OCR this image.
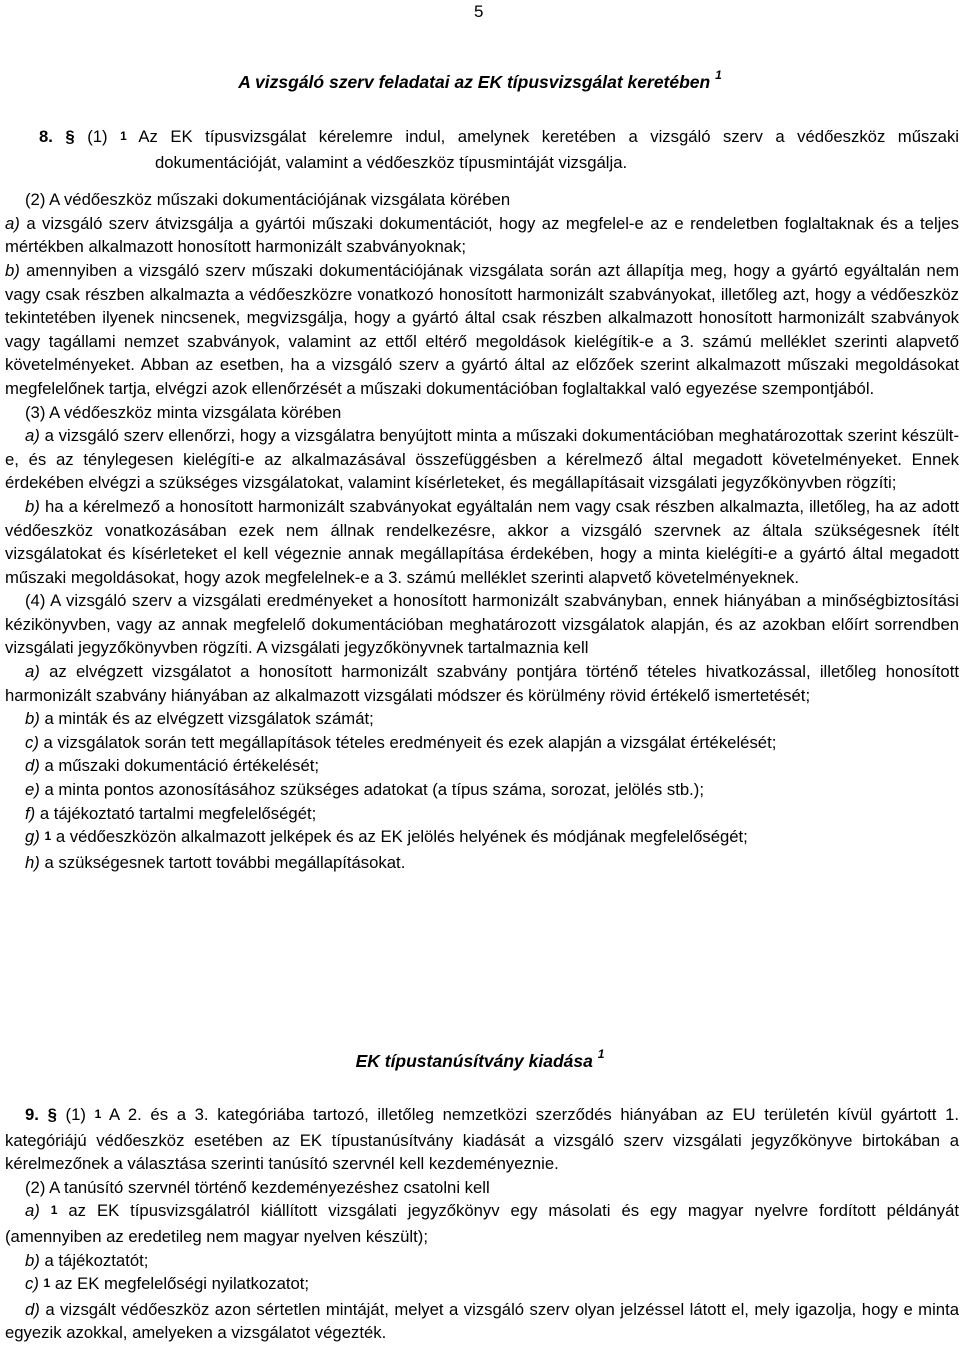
5
A vizsgáló szerv feladatai az EK típusvizsgálat keretében $^1$

8. § (1) $^1$ Az EK típusvizsgálat kérelemre indul, amelynek keretében a vizsgáló szerv a védőeszköz műszaki dokumentációját, valamint a védőeszköz típusmintáját vizsgálja.

(2) A védőeszköz műszaki dokumentációjának vizsgálata körében

a) a vizsgáló szerv átvizsgálja a gyártói műszaki dokumentációt, hogy az megfelel-e az e rendeletben foglaltaknak és a teljes mértékben alkalmazott honosított harmonizált szabványoknak;

b) amennyiben a vizsgáló szerv műszaki dokumentációjának vizsgálata során azt állapítja meg, hogy a gyártó egyáltalán nem vagy csak részben alkalmazta a védőeszközre vonatkozó honosított harmonizált szabványokat, illetőleg azt, hogy a védőeszköz tekintetében ilyenek nincsenek, megvizsgálja, hogy a gyártó által csak részben alkalmazott honosított harmonizált szabványok vagy tagállami nemzet szabványok, valamint az ettől eltérő megoldások kielégítik-e a 3. számú melléklet szerinti alapvető követelményeket. Abban az esetben, ha a vizsgáló szerv a gyártó által az előzőek szerint alkalmazott műszaki megoldásokat megfelelőnek tartja, elvégzi azok ellenőrzését a műszaki dokumentációban foglaltakkal való egyezése szempontjából.

(3) A védőeszköz minta vizsgálata körében

a) a vizsgáló szerv ellenőrzi, hogy a vizsgálatra benyújtott minta a műszaki dokumentációban meghatározottak szerint készült-e, és az ténylegesen kielégíti-e az alkalmazásával összefüggésben a kérelmező által megadott követelményeket. Ennek érdekében elvégzi a szükséges vizsgálatokat, valamint kísérleteket, és megállapításait vizsgálati jegyzőkönyvben rögzíti;

b) ha a kérelmező a honosított harmonizált szabványokat egyáltalán nem vagy csak részben alkalmazta, illetőleg, ha az adott védőeszköz vonatkozásában ezek nem állnak rendelkezésre, akkor a vizsgáló szervnek az általa szükségesnek ítélt vizsgálatokat és kísérleteket el kell végeznie annak megállapítása érdekében, hogy a minta kielégíti-e a gyártó által megadott műszaki megoldásokat, hogy azok megfelelnek-e a 3. számú melléklet szerinti alapvető követelményeknek.

(4) A vizsgáló szerv a vizsgálati eredményeket a honosított harmonizált szabványban, ennek hiányában a minőségbiztosítási kézikönyvben, vagy az annak megfelelő dokumentációban meghatározott vizsgálatok alapján, és az azokban előírt sorrendben vizsgálati jegyzőkönyvben rögzíti. A vizsgálati jegyzőkönyvnek tartalmaznia kell

a) az elvégzett vizsgálatot a honosított harmonizált szabvány pontjára történő tételes hivatkozással, illetőleg honosított harmonizált szabvány hiányában az alkalmazott vizsgálati módszer és körülmény rövid értékelő ismertetését;

b) a minták és az elvégzett vizsgálatok számát;

c) a vizsgálatok során tett megállapítások tételes eredményeit és ezek alapján a vizsgálat értékelését;

d) a műszaki dokumentáció értékelését;

e) a minta pontos azonosításához szükséges adatokat (a típus száma, sorozat, jelölés stb.);

f) a tájékoztató tartalmi megfelelőségét;

g) $^1$ a védőeszközön alkalmazott jelképek és az EK jelölés helyének és módjának megfelelőségét;

h) a szükségesnek tartott további megállapításokat.

EK típustanúsítvány kiadása $^1$

9. § (1) $^1$ A 2. és a 3. kategóriába tartozó, illetőleg nemzetközi szerződés hiányában az EU területén kívül gyártott 1. kategóriájú védőeszköz esetében az EK típustanúsítvány kiadását a vizsgáló szerv vizsgálati jegyzőkönyve birtokában a kérelmezőnek a választása szerinti tanúsító szervnél kell kezdeményeznie.

(2) A tanúsító szervnél történő kezdeményezéshez csatolni kell

a) $^1$ az EK típusvizsgálatról kiállított vizsgálati jegyzőkönyv egy másolati és egy magyar nyelvre fordított példányát (amennyiben az eredetileg nem magyar nyelven készült);

b) a tájékoztatót;

c) $^1$ az EK megfelelőségi nyilatkozatot;

d) a vizsgált védőeszköz azon sértetlen mintáját, melyet a vizsgáló szerv olyan jelzéssel látott el, mely igazolja, hogy e minta egyezik azokkal, amelyeken a vizsgálatot végezték.
